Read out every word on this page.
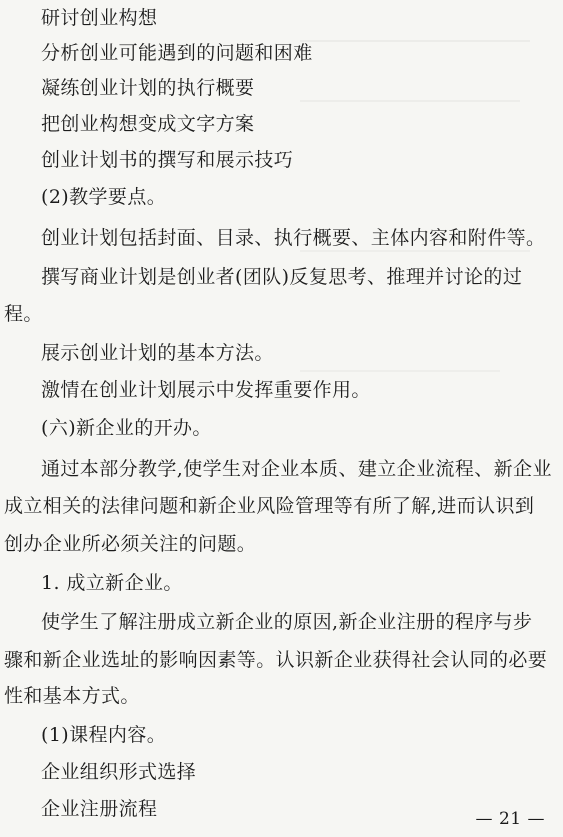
研讨创业构想
分析创业可能遇到的问题和困难
凝练创业计划的执行概要
把创业构想变成文字方案
创业计划书的撰写和展示技巧
(2)教学要点。
创业计划包括封面、目录、执行概要、主体内容和附件等。
撰写商业计划是创业者(团队)反复思考、推理并讨论的过
程。
展示创业计划的基本方法。
激情在创业计划展示中发挥重要作用。
(六)新企业的开办。
通过本部分教学,使学生对企业本质、建立企业流程、新企业
成立相关的法律问题和新企业风险管理等有所了解,进而认识到
创办企业所必须关注的问题。
1. 成立新企业。
使学生了解注册成立新企业的原因,新企业注册的程序与步
骤和新企业选址的影响因素等。认识新企业获得社会认同的必要
性和基本方式。
(1)课程内容。
企业组织形式选择
企业注册流程	— 21 —
